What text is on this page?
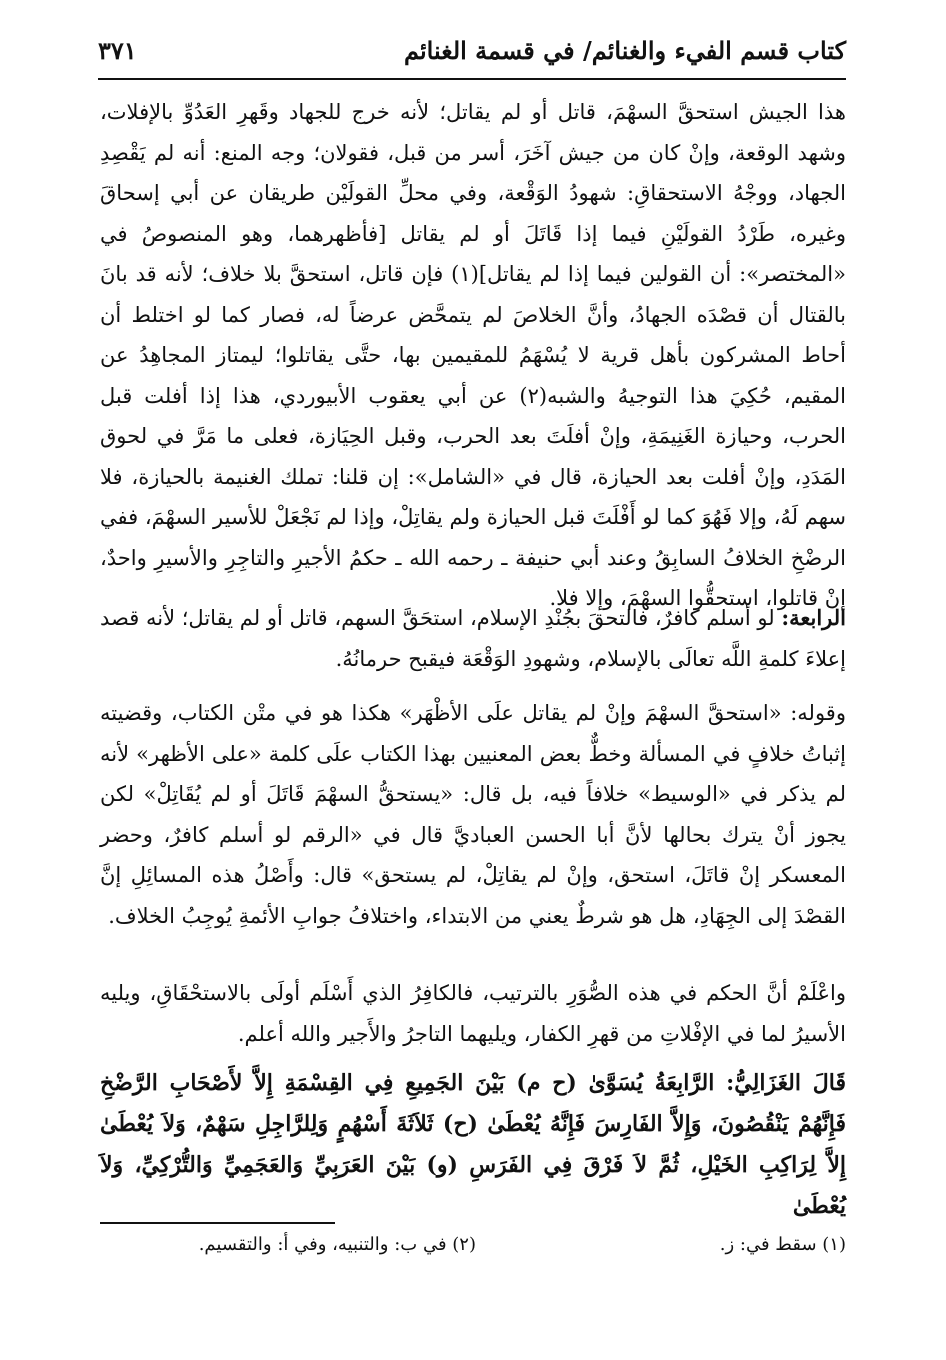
كتاب قسم الفيء والغنائم/ في قسمة الغنائم
٣٧١
هذا الجيش استحقَّ السهْمَ، قاتل أو لم يقاتل؛ لأنه خرج للجهاد وقَهرِ العَدُوِّ بالإفلات، وشهد الوقعة، وإنْ كان من جيش آخَرَ، أسر من قبل، فقولان؛ وجه المنع: أنه لم يَقْصِدِ الجهاد، ووجْهُ الاستحقاقِ: شهودُ الوَقْعة، وفي محلِّ القولَيْن طريقان عن أبي إسحاقَ وغيره، طَرْدُ القولَيْنِ فيما إذا قَاتَلَ أو لم يقاتل [فأظهرهما، وهو المنصوصُ في «المختصر»: أن القولين فيما إذا لم يقاتل](١) فإن قاتل، استحقَّ بلا خلاف؛ لأنه قد بانَ بالقتال أن قصْدَه الجهادُ، وأنَّ الخلاصَ لم يتمحَّض عرضاً له، فصار كما لو اختلط أن أحاط المشركون بأهل قرية لا يُسْهَمُ للمقيمين بها، حتَّى يقاتلوا؛ ليمتاز المجاهِدُ عن المقيم، حُكِيَ هذا التوجيهُ والشبه(٢) عن أبي يعقوب الأبيوردي، هذا إذا أفلت قبل الحرب، وحيازة الغَنِيمَةِ، وإنْ أفلَتَ بعد الحرب، وقبل الحِيَازة، فعلى ما مَرَّ في لحوق المَدَدِ، وإنْ أفلت بعد الحيازة، قال في «الشامل»: إن قلنا: تملك الغنيمة بالحيازة، فلا سهم لَهُ، وإلا فَهُوَ كما لو أَفْلَتَ قبل الحيازة ولم يقاتِلْ، وإذا لم نَجْعَلْ للأسير السهْمَ، ففي الرضْخِ الخلافُ السابِقُ وعند أبي حنيفة ـ رحمه الله ـ حكمُ الأجيرِ والتاجِرِ والأسيرِ واحدٌ، إنْ قاتلوا، استحقُّوا السهْمَ، وإلا فلا.
الرابعة: لو أسلم كافرٌ، فالتحقَ بجُنْدِ الإسلام، استحَقَّ السهم، قاتل أو لم يقاتل؛ لأنه قصد إعلاءَ كلمةِ اللَّه تعالَى بالإسلام، وشهودِ الوَقْعَة فيقبح حرمانُهُ.
وقوله: «استحقَّ السهْمَ وإنْ لم يقاتل علَى الأظْهَر» هكذا هو في متْن الكتاب، وقضيته إثباتُ خلافٍ في المسألة وخطٌّ بعض المعنيين بهذا الكتاب علَى كلمة «على الأظهر» لأنه لم يذكر في «الوسيط» خلافاً فيه، بل قال: «يستحقُّ السهْمَ قَاتَلَ أو لم يُقَاتِلْ» لكن يجوز أنْ يترك بحالها لأنَّ أبا الحسن العباديَّ قال في «الرقم لو أسلم كافرٌ، وحضر المعسكر إنْ قاتَلَ، استحق، وإنْ لم يقاتِلْ، لم يستحق» قال: وأَصْلُ هذه المسائِلِ إنَّ القصْدَ إلى الجِهَادِ، هل هو شرطٌ يعني من الابتداء، واختلافُ جوابِ الأئمةِ يُوجِبُ الخلاف.
واعْلَمْ أنَّ الحكم في هذه الصُّوَرِ بالترتيب، فالكافِرُ الذي أَسْلَم أولَى بالاستحْقَاقِ، ويليه الأسيرُ لما في الإفْلاتِ من قهرِ الكفار، ويليهما التاجرُ والأَجير والله أعلم.
قَالَ الغَزَالِيُّ: الرَّابِعَةُ يُسَوَّىٰ (ح م) بَيْنَ الجَمِيعِ فِي القِسْمَةِ إِلاَّ لأَصْحَابِ الرَّضْخِ فَإِنَّهُمْ يَنْقُصُونَ، وَإِلاَّ الفَارِسَ فَإِنَّهُ يُعْطَىٰ (ح) ثَلاَثَةَ أَسْهُمٍ وَلِلرَّاجِلِ سَهْمٌ، وَلاَ يُعْطَىٰ إِلاَّ لِرَاكِبِ الخَيْلِ، ثُمَّ لاَ فَرْقَ فِي الفَرَسِ (و) بَيْنَ العَرَبِيِّ وَالعَجَمِيِّ وَالتُّرْكِيِّ، وَلاَ يُعْطَىٰ
(١) سقط في: ز.
(٢) في ب: والتنبيه، وفي أ: والتقسيم.
